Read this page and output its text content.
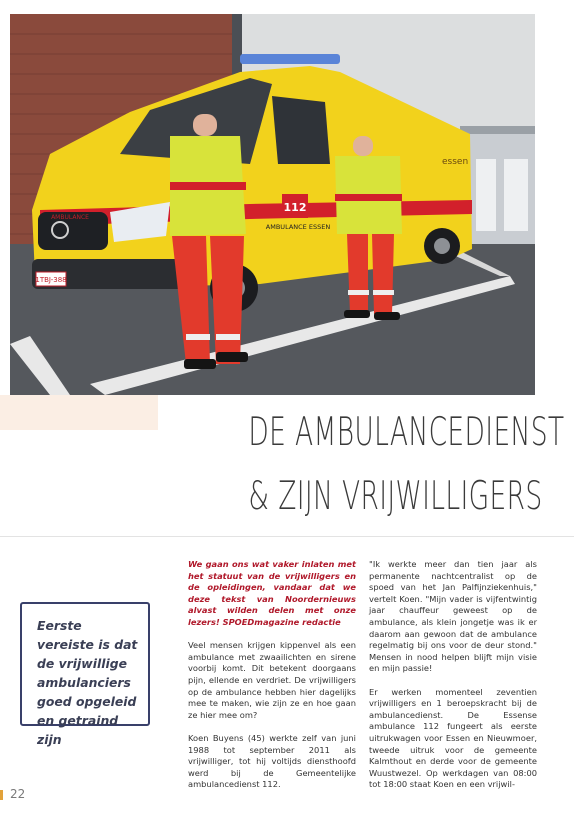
1TBJ-388
AMBULANCE
112
AMBULANCE ESSEN
essen
DE AMBULANCEDIENST
& ZIJN VRIJWILLIGERS
Eerste vereiste is dat de vrijwillige ambulanciers goed opgeleid en getraind zijn

We gaan ons wat vaker inlaten met het statuut van de vrijwilligers en de opleidingen, vandaar dat we deze tekst van Noordernieuws alvast wilden delen met onze lezers! SPOEDmagazine redactie

Veel mensen krijgen kippenvel als een ambulance met zwaailichten en sirene voorbij komt. Dit betekent doorgaans pijn, ellende en verdriet. De vrijwilligers op de ambulance hebben hier dagelijks mee te maken, wie zijn ze en hoe gaan ze hier mee om?

Koen Buyens (45) werkte zelf van juni 1988 tot september 2011 als vrijwilliger, tot hij voltijds diensthoofd werd bij de Gemeentelijke ambulancedienst 112.

"Ik werkte meer dan tien jaar als permanente nachtcentralist op de spoed van het Jan Palfijnziekenhuis," vertelt Koen. "Mijn vader is vijfentwintig jaar chauffeur geweest op de ambulance, als klein jongetje was ik er daarom aan gewoon dat de ambulance regelmatig bij ons voor de deur stond." Mensen in nood helpen blijft mijn visie en mijn passie!

Er werken momenteel zeventien vrijwilligers en 1 beroepskracht bij de ambulancedienst. De Essense ambulance 112 fungeert als eerste uitrukwagen voor Essen en Nieuwmoer, tweede uitruk voor de gemeente Kalmthout en derde voor de gemeente Wuustwezel. Op werkdagen van 08:00 tot 18:00 staat Koen en een vrijwil-

22
